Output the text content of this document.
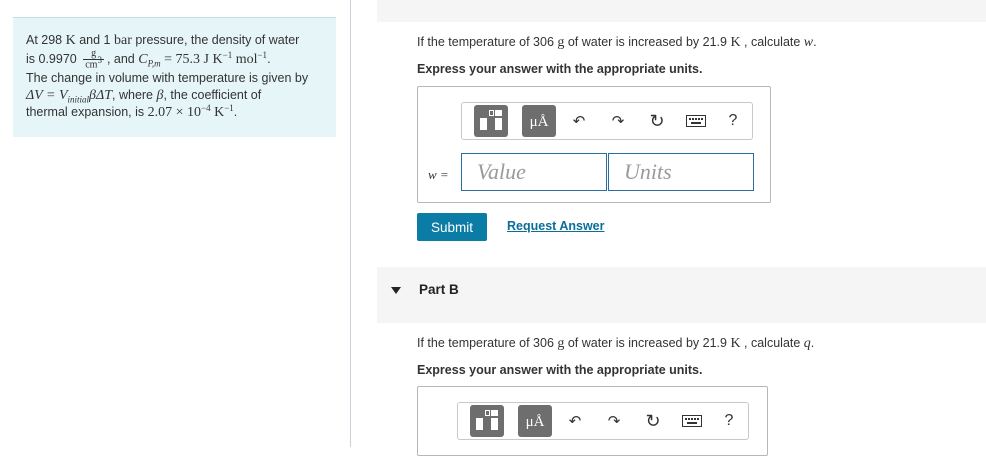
At 298 K and 1 bar pressure, the density of water
is $0.9970 \frac{g}{cm^3}$ , and $C_{P,m} = 75.3$ J $K^{-1}$ mol$^{-1}$.
The change in volume with temperature is given by
$\Delta V = V_{initial}\beta\Delta T$, where β, the coefficient of
thermal expansion, is $2.07 \times 10^{-4}$ $K^{-1}$.
If the temperature of 306 g of water is increased by 21.9 K , calculate w.
Express your answer with the appropriate units.
μÅ	↶	↷	↻	?
w =	Value	Units
Submit	Request Answer
Part B
If the temperature of 306 g of water is increased by 21.9 K , calculate q.
Express your answer with the appropriate units.
μÅ	↶	↷	↻	?
